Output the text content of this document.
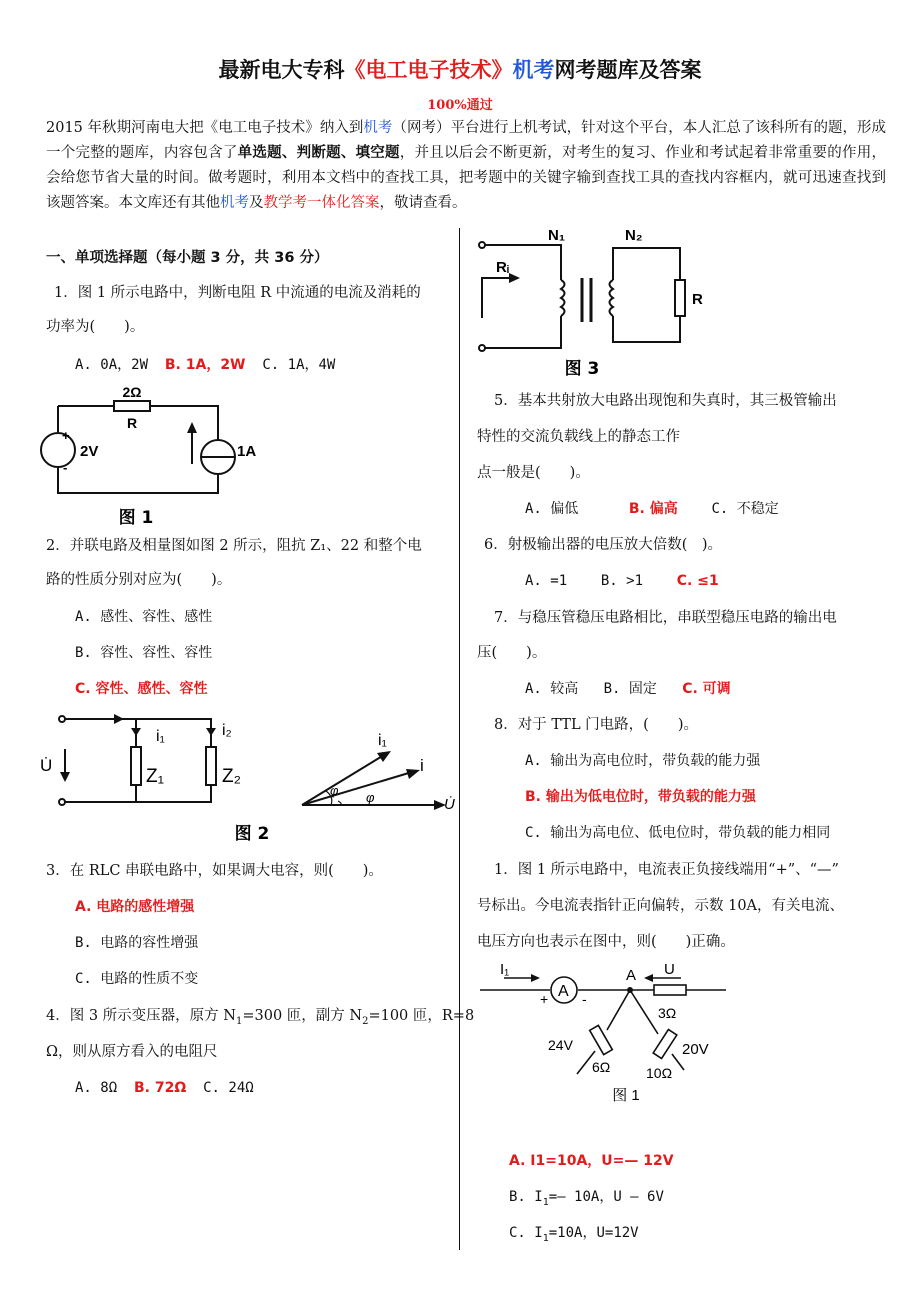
最新电大专科《电工电子技术》机考网考题库及答案
100%通过
2015 年秋期河南电大把《电工电子技术》纳入到机考（网考）平台进行上机考试，针对这个平台，本人汇总了该科所有的题，形成一个完整的题库，内容包含了单选题、判断题、填空题，并且以后会不断更新，对考生的复习、作业和考试起着非常重要的作用，会给您节省大量的时间。做考题时，利用本文档中的查找工具，把考题中的关键字输到查找工具的查找内容框内，就可迅速查找到该题答案。本文库还有其他机考及教学考一体化答案，敬请查看。
一、单项选择题（每小题 3 分，共 36 分）
1．图 1 所示电路中，判断电阻 R 中流通的电流及消耗的
功率为(　　)。
A. 0A，2W B. 1A，2W C. 1A，4W
2Ω
R
+
-
2V	1A
图 1
2．并联电路及相量图如图 2 所示，阻抗 Z₁、22 和整个电
路的性质分别对应为(　　)。
A. 感性、容性、感性
B. 容性、容性、容性
C. 容性、感性、容性
i₁	i₂
U̇
Z₁	Z₂
i₁
i
φ φ	U̇
图 2
3．在 RLC 串联电路中，如果调大电容，则(　　)。
A. 电路的感性增强
B. 电路的容性增强
C. 电路的性质不变
4．图 3 所示变压器，原方 $N_1=300$ 匝，副方 $N_2=100$ 匝，R=8
Ω，则从原方看入的电阻尺
A. 8Ω B. 72Ω C. 24Ω
N₁	N₂
Rᵢ
R
图 3
5．基本共射放大电路出现饱和失真时，其三极管输出
特性的交流负载线上的静态工作
点一般是(　　)。
A. 偏低	B. 偏高 C. 不稳定
6．射极输出器的电压放大倍数(　)。
A. =1 B. >1 C. ≤1
7．与稳压管稳压电路相比，串联型稳压电路的输出电
压(　　)。
A. 较高 B. 固定 C. 可调
8．对于 TTL 门电路，(　　)。
A. 输出为高电位时，带负载的能力强
B. 输出为低电位时，带负载的能力强
C. 输出为高电位、低电位时，带负载的能力相同
1．图 1 所示电路中，电流表正负接线端用“+”、“—”
号标出。今电流表指针正向偏转，示数 10A，有关电流、
电压方向也表示在图中，则(　　)正确。
I₁	U
A
A
+ -
3Ω
24V	20V
6Ω	10Ω
图 1
A. I1=10A，U=— 12V
B. $I_1=—$ 10A，U — 6V
C. $I_1=10A$，U=12V
